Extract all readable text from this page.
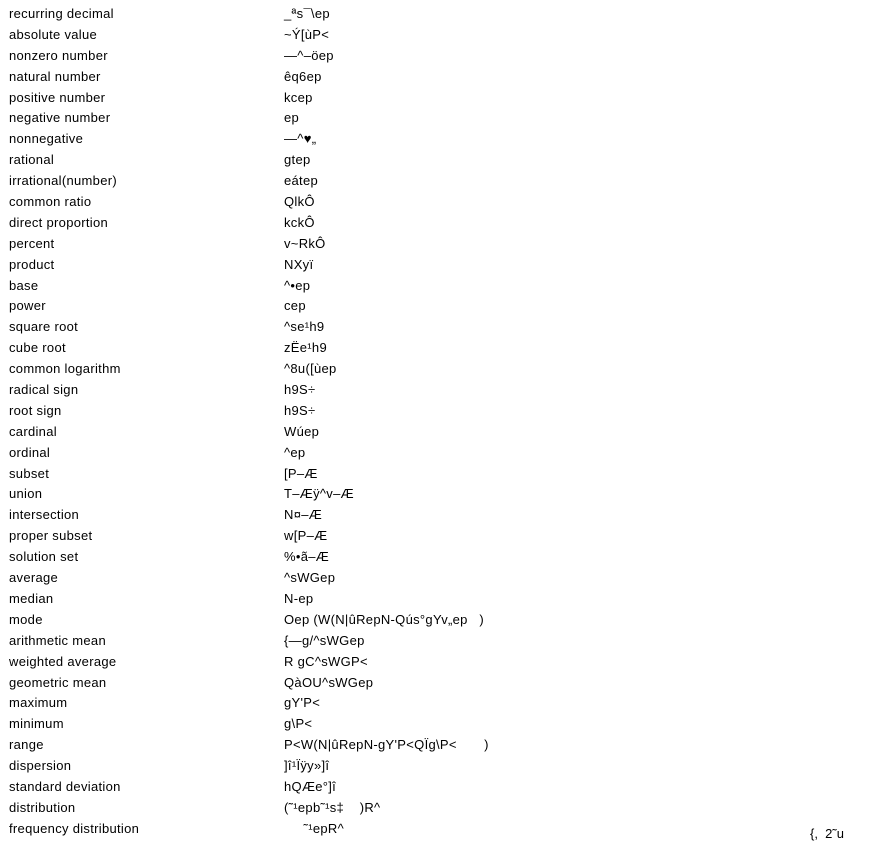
recurring decimal	_ªs¯\ep
absolute value	~Ý[ùP<
nonzero number	—^–öep
natural number	êq6ep
positive number	kcep
negative number	ep
nonnegative	—^♥„
rational	gtep
irrational(number)	eátep
common ratio	QlkÔ
direct proportion	kckÔ
percent	v~RkÔ
product	NXyï
base	^•ep
power	cep
square root	^se¹h9
cube root	zËe¹h9
common logarithm	^8u([ùep
radical sign	h9S÷
root sign	h9S÷
cardinal	Wúep
ordinal	^ep
subset	[P–Æ
union	T–Æÿ^v–Æ
intersection	N¤–Æ
proper subset	w[P–Æ
solution set	%•ã–Æ
average	^sWGep
median	N-ep
mode	Oep (W(N|ûRepN-Qús°gYv„ep   )
arithmetic mean	{—g/^sWGep
weighted average	R gC^sWGP<
geometric mean	QàOU^sWGep
maximum	gY'P<
minimum	g\P<
range	P<W(N|ûRepN-gY'P<QÏg\P<       )
dispersion	]î¹Ïÿy»]î
standard deviation	hQÆe°]î
distribution	(˜¹epb˜¹s‡    )R^
frequency distribution	˜¹epR^	{,  2˜u
